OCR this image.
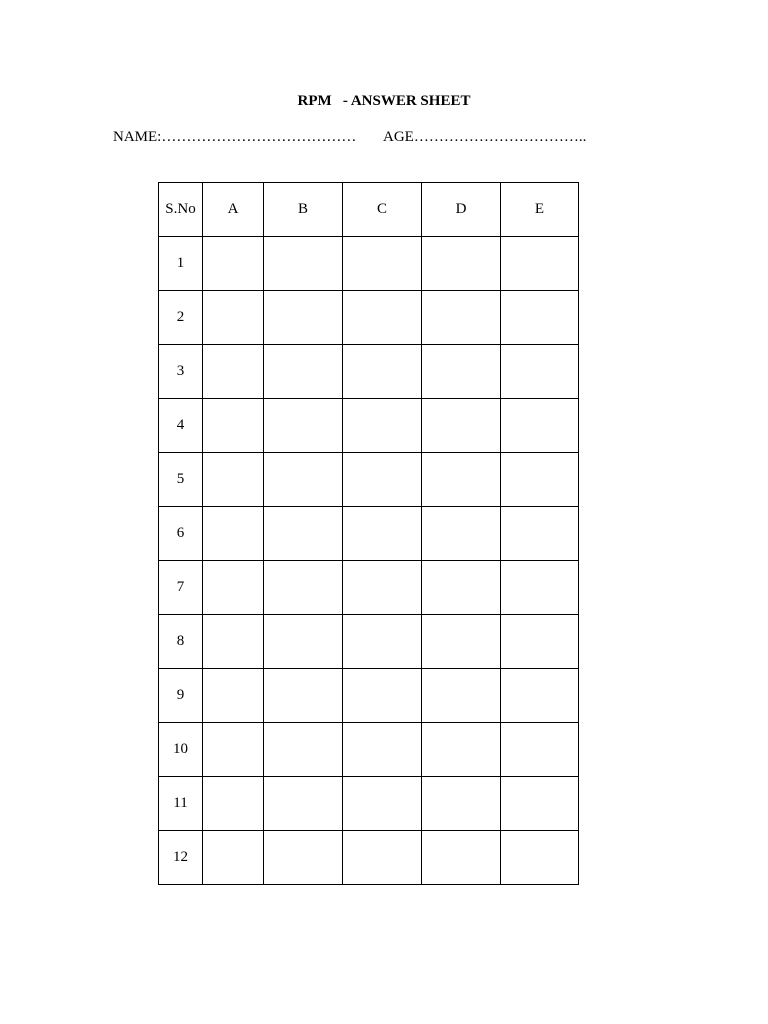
RPM   - ANSWER SHEET
NAME:………………………………… AGE……………………………..
S.No	A	B	C	D	E
1					
2					
3					
4					
5					
6					
7					
8					
9					
10					
11					
12					
